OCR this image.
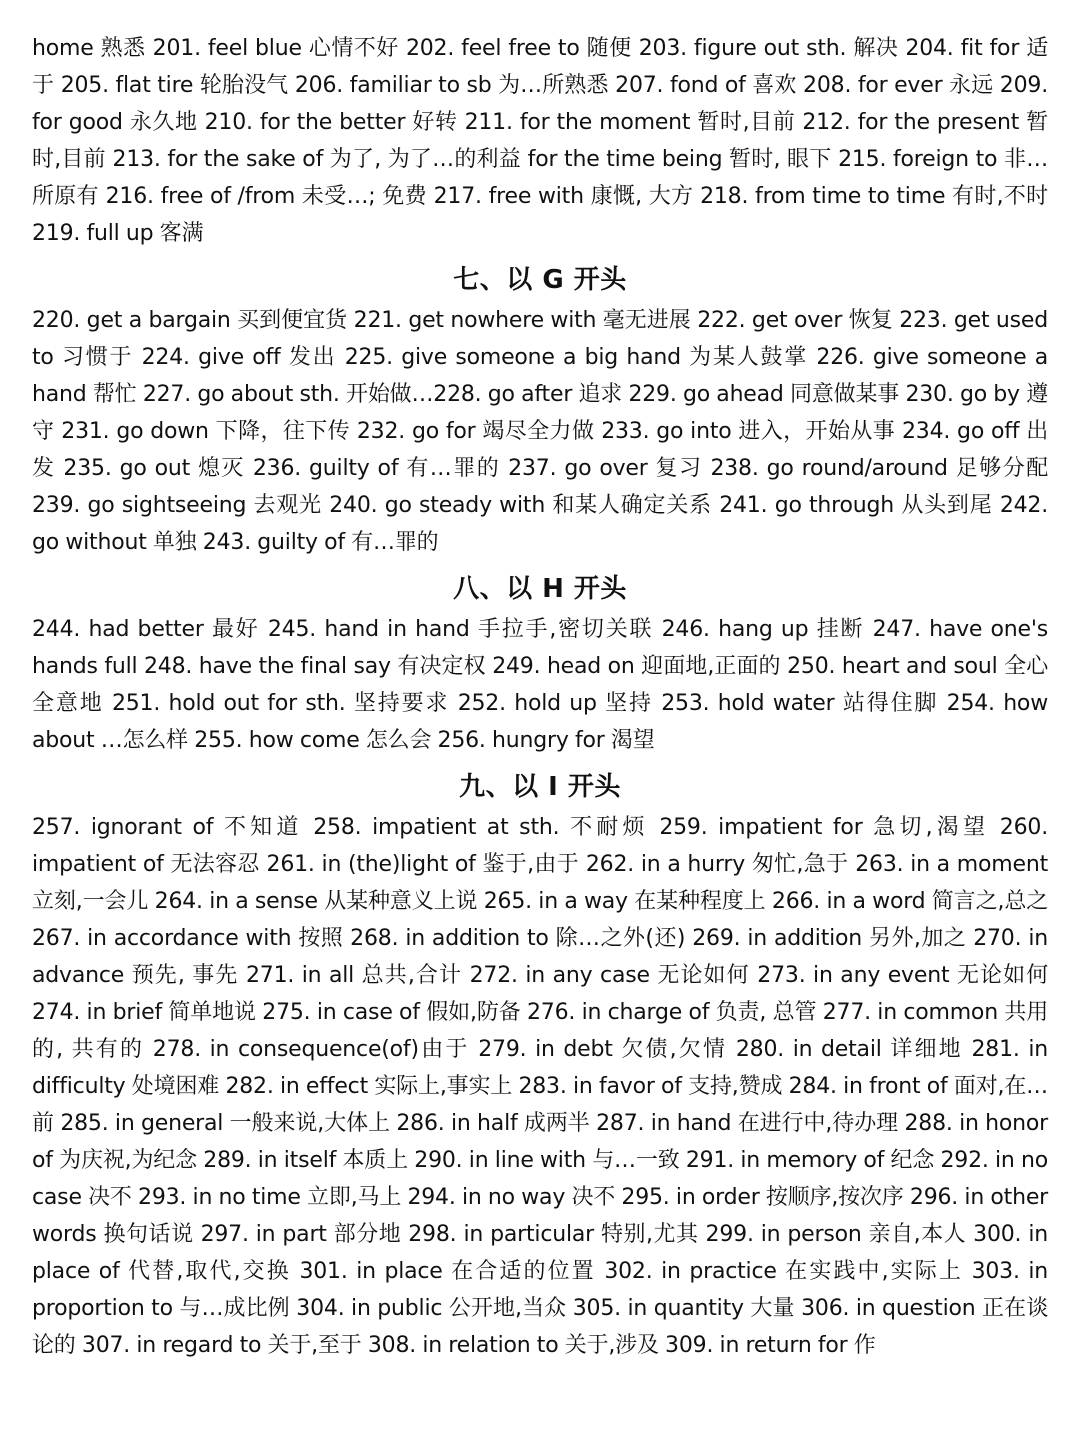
home 熟悉 201. feel blue 心情不好 202. feel free to 随便 203. figure out sth. 解决 204. fit for 适于 205. flat tire 轮胎没气 206. familiar to sb 为…所熟悉 207. fond of 喜欢 208. for ever 永远 209. for good 永久地 210. for the better 好转 211. for the moment 暂时,目前 212. for the present 暂时,目前 213. for the sake of 为了, 为了…的利益 for the time being 暂时, 眼下 215. foreign to 非…所原有 216. free of /from 未受…; 免费 217. free with 康慨, 大方 218. from time to time 有时,不时 219. full up 客满

七、以 G 开头

220. get a bargain 买到便宜货 221. get nowhere with 毫无进展 222. get over 恢复 223. get used to 习惯于 224. give off 发出 225. give someone a big hand 为某人鼓掌 226. give someone a hand 帮忙 227. go about sth. 开始做…228. go after 追求 229. go ahead 同意做某事 230. go by 遵守 231. go down 下降，往下传 232. go for 竭尽全力做 233. go into 进入，开始从事 234. go off 出发 235. go out 熄灭 236. guilty of 有…罪的 237. go over 复习 238. go round/around 足够分配 239. go sightseeing 去观光 240. go steady with 和某人确定关系 241. go through 从头到尾 242. go without 单独 243. guilty of 有…罪的

八、以 H 开头

244. had better 最好 245. hand in hand 手拉手,密切关联 246. hang up 挂断 247. have one's hands full 248. have the final say 有决定权 249. head on 迎面地,正面的 250. heart and soul 全心全意地 251. hold out for sth. 坚持要求 252. hold up 坚持 253. hold water 站得住脚 254. how about …怎么样 255. how come 怎么会 256. hungry for 渴望

九、以 I 开头

257. ignorant of 不知道 258. impatient at sth. 不耐烦 259. impatient for 急切,渴望 260. impatient of 无法容忍 261. in (the)light of 鉴于,由于 262. in a hurry 匆忙,急于 263. in a moment 立刻,一会儿 264. in a sense 从某种意义上说 265. in a way 在某种程度上 266. in a word 简言之,总之 267. in accordance with 按照 268. in addition to 除…之外(还) 269. in addition 另外,加之 270. in advance 预先, 事先 271. in all 总共,合计 272. in any case 无论如何 273. in any event 无论如何 274. in brief 简单地说 275. in case of 假如,防备 276. in charge of 负责, 总管 277. in common 共用的, 共有的 278. in consequence(of)由于 279. in debt 欠债,欠情 280. in detail 详细地 281. in difficulty 处境困难 282. in effect 实际上,事实上 283. in favor of 支持,赞成 284. in front of 面对,在…前 285. in general 一般来说,大体上 286. in half 成两半 287. in hand 在进行中,待办理 288. in honor of 为庆祝,为纪念 289. in itself 本质上 290. in line with 与…一致 291. in memory of 纪念 292. in no case 决不 293. in no time 立即,马上 294. in no way 决不 295. in order 按顺序,按次序 296. in other words 换句话说 297. in part 部分地 298. in particular 特别,尤其 299. in person 亲自,本人 300. in place of 代替,取代,交换 301. in place 在合适的位置 302. in practice 在实践中,实际上 303. in proportion to 与…成比例 304. in public 公开地,当众 305. in quantity 大量 306. in question 正在谈论的 307. in regard to 关于,至于 308. in relation to 关于,涉及 309. in return for 作
